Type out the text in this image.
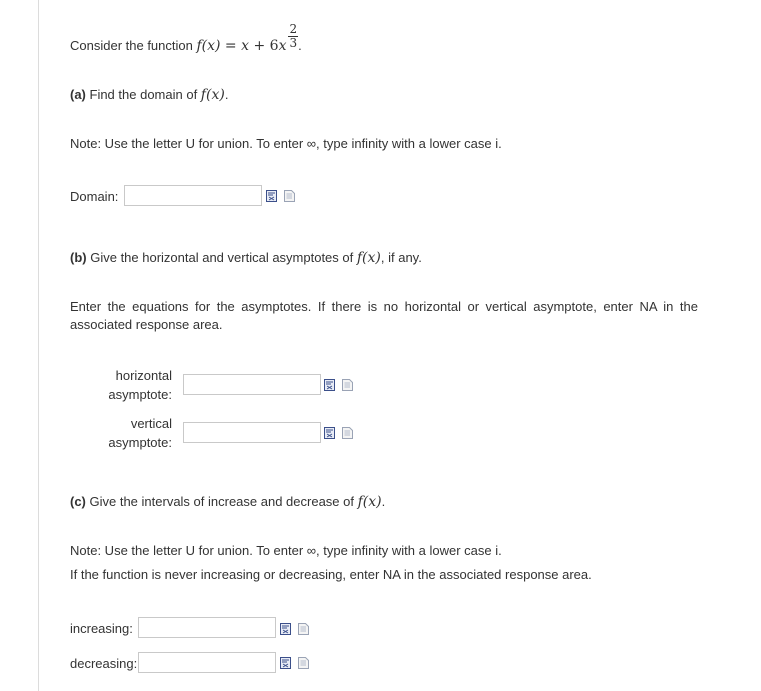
Consider the function $f(x) = x + 6x \frac{2}{3}$ .
(a) Find the domain of f(x).
Note: Use the letter U for union. To enter ∞, type infinity with a lower case i.
Domain:
(b) Give the horizontal and vertical asymptotes of f(x), if any.
Enter the equations for the asymptotes. If there is no horizontal or vertical asymptote, enter NA in the associated response area.
horizontal
asymptote:
vertical
asymptote:
(c) Give the intervals of increase and decrease of f(x).
Note: Use the letter U for union. To enter ∞, type infinity with a lower case i.
If the function is never increasing or decreasing, enter NA in the associated response area.
increasing:
decreasing:
